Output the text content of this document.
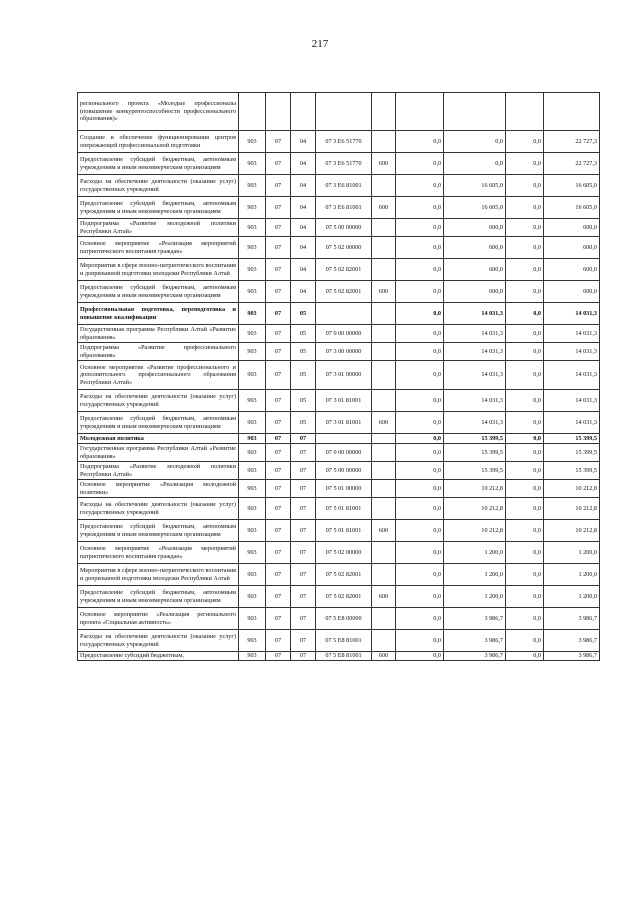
217
регионального проекта «Молодые профессионалы (повышение конкурентоспособности профессионального образования)»									
Создание и обеспечение функционирования центров опережающей профессиональной подготовки	903	07	04	07 3 E6 51770		0,0	0,0	0,0	22 727,3
Предоставление субсидий бюджетным, автономным учреждениям и иным некоммерческим организациям	903	07	04	07 3 E6 51770	600	0,0	0,0	0,0	22 727,3
Расходы на обеспечение деятельности (оказание услуг) государственных учреждений	903	07	04	07 3 E6 81001		0,0	16 605,0	0,0	16 605,0
Предоставление субсидий бюджетным, автономным учреждениям и иным некоммерческим организациям	903	07	04	07 3 E6 81001	600	0,0	16 605,0	0,0	16 605,0
Подпрограмма «Развитие молодежной политики Республики Алтай»	903	07	04	07 5 00 00000		0,0	600,0	0,0	600,0
Основное мероприятие «Реализация мероприятий патриотического воспитания граждан»	903	07	04	07 5 02 00000		0,0	600,0	0,0	600,0
Мероприятия в сфере военно-патриотического воспитания и допризывной подготовки молодежи Республики Алтай	903	07	04	07 5 02 82001		0,0	600,0	0,0	600,0
Предоставление субсидий бюджетным, автономным учреждениям и иным некоммерческим организациям	903	07	04	07 5 02 82001	600	0,0	600,0	0,0	600,0
Профессиональная подготовка, переподготовка и повышение квалификации	903	07	05			0,0	14 031,3	0,0	14 031,3
Государственная программа Республики Алтай «Развитие образования»	903	07	05	07 0 00 00000		0,0	14 031,3	0,0	14 031,3
Подпрограмма «Развитие профессионального образования»	903	07	05	07 3 00 00000		0,0	14 031,3	0,0	14 031,3
Основное мероприятие «Развитие профессионального и дополнительного профессионального образования Республики Алтай»	903	07	05	07 3 01 00000		0,0	14 031,3	0,0	14 031,3
Расходы на обеспечение деятельности (оказание услуг) государственных учреждений	903	07	05	07 3 01 81001		0,0	14 031,3	0,0	14 031,3
Предоставление субсидий бюджетным, автономным учреждениям и иным некоммерческим организациям	903	07	05	07 3 01 81001	600	0,0	14 031,3	0,0	14 031,3
Молодежная политика	903	07	07			0,0	15 399,5	0,0	15 399,5
Государственная программа Республики Алтай «Развитие образования»	903	07	07	07 0 00 00000		0,0	15 399,5	0,0	15 399,5
Подпрограмма «Развитие молодежной политики Республики Алтай»	903	07	07	07 5 00 00000		0,0	15 399,5	0,0	15 399,5
Основное мероприятие «Реализация молодежной политики»	903	07	07	07 5 01 00000		0,0	10 212,8	0,0	10 212,8
Расходы на обеспечение деятельности (оказание услуг) государственных учреждений	903	07	07	07 5 01 81001		0,0	10 212,8	0,0	10 212,8
Предоставление субсидий бюджетным, автономным учреждениям и иным некоммерческим организациям	903	07	07	07 5 01 81001	600	0,0	10 212,8	0,0	10 212,8
Основное мероприятие «Реализация мероприятий патриотического воспитания граждан»	903	07	07	07 5 02 00000		0,0	1 200,0	0,0	1 200,0
Мероприятия в сфере военно-патриотического воспитания и допризывной подготовки молодежи Республики Алтай	903	07	07	07 5 02 82001		0,0	1 200,0	0,0	1 200,0
Предоставление субсидий бюджетным, автономным учреждениям и иным некоммерческим организациям	903	07	07	07 5 02 82001	600	0,0	1 200,0	0,0	1 200,0
Основное мероприятие «Реализация регионального проекта «Социальная активность»	903	07	07	07 5 E8 00000		0,0	3 986,7	0,0	3 986,7
Расходы на обеспечение деятельности (оказание услуг) государственных учреждений	903	07	07	07 5 E8 81001		0,0	3 986,7	0,0	3 986,7
Предоставление субсидий бюджетным,	903	07	07	07 5 E8 81001	600	0,0	3 986,7	0,0	3 986,7
